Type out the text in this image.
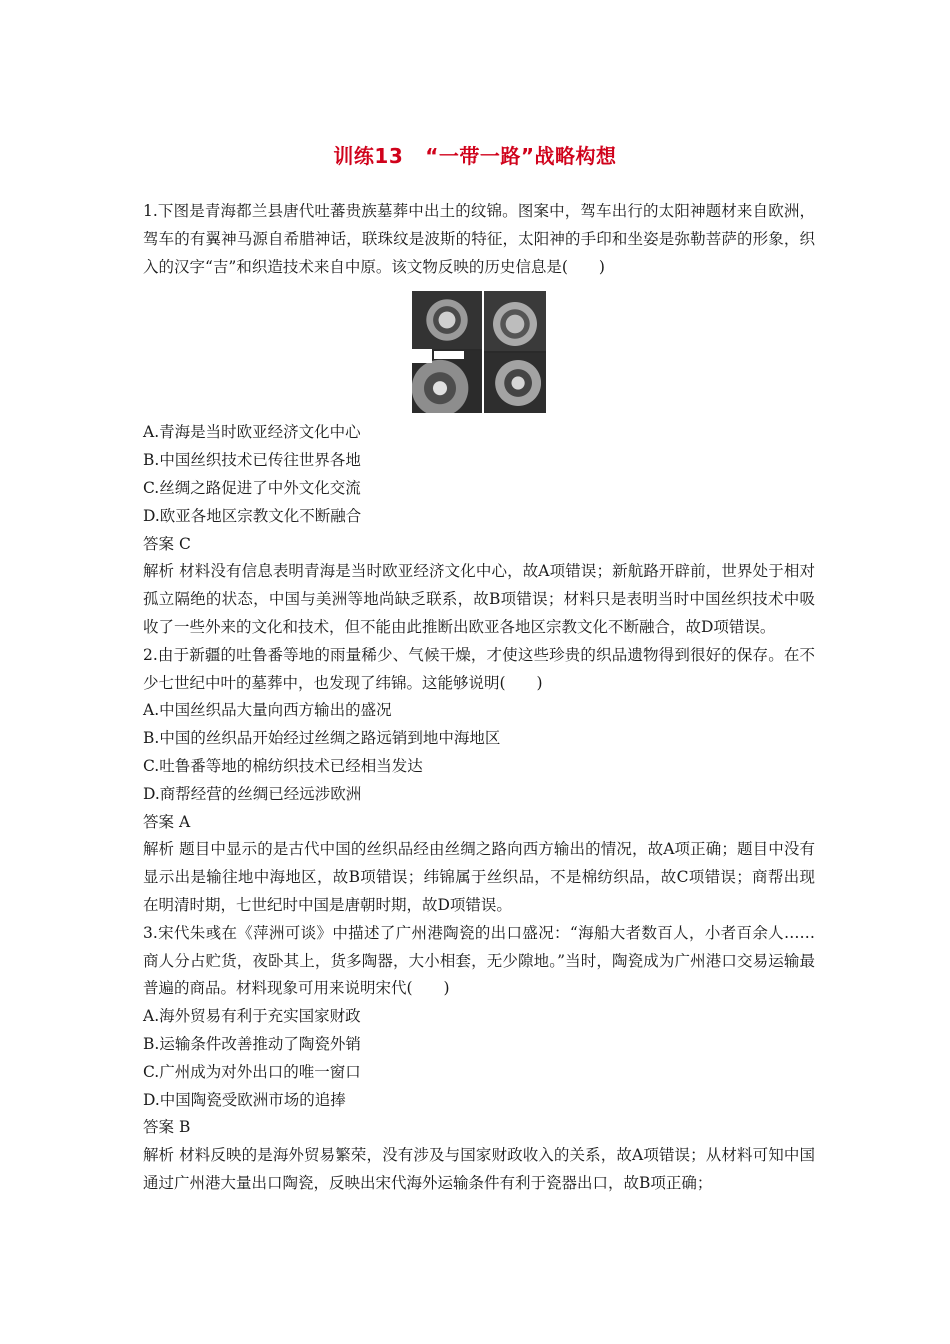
训练13 “一带一路”战略构想

1.下图是青海都兰县唐代吐蕃贵族墓葬中出土的纹锦。图案中，驾车出行的太阳神题材来自欧洲，驾车的有翼神马源自希腊神话，联珠纹是波斯的特征，太阳神的手印和坐姿是弥勒菩萨的形象，织入的汉字“吉”和织造技术来自中原。该文物反映的历史信息是(　　)

A.青海是当时欧亚经济文化中心

B.中国丝织技术已传往世界各地

C.丝绸之路促进了中外文化交流

D.欧亚各地区宗教文化不断融合

答案 C

解析 材料没有信息表明青海是当时欧亚经济文化中心，故A项错误；新航路开辟前，世界处于相对孤立隔绝的状态，中国与美洲等地尚缺乏联系，故B项错误；材料只是表明当时中国丝织技术中吸收了一些外来的文化和技术，但不能由此推断出欧亚各地区宗教文化不断融合，故D项错误。

2.由于新疆的吐鲁番等地的雨量稀少、气候干燥，才使这些珍贵的织品遗物得到很好的保存。在不少七世纪中叶的墓葬中，也发现了纬锦。这能够说明(　　)

A.中国丝织品大量向西方输出的盛况

B.中国的丝织品开始经过丝绸之路远销到地中海地区

C.吐鲁番等地的棉纺织技术已经相当发达

D.商帮经营的丝绸已经远涉欧洲

答案 A

解析 题目中显示的是古代中国的丝织品经由丝绸之路向西方输出的情况，故A项正确；题目中没有显示出是输往地中海地区，故B项错误；纬锦属于丝织品，不是棉纺织品，故C项错误；商帮出现在明清时期，七世纪时中国是唐朝时期，故D项错误。

3.宋代朱彧在《萍洲可谈》中描述了广州港陶瓷的出口盛况：“海船大者数百人，小者百余人……商人分占贮货，夜卧其上，货多陶器，大小相套，无少隙地。”当时，陶瓷成为广州港口交易运输最普遍的商品。材料现象可用来说明宋代(　　)

A.海外贸易有利于充实国家财政

B.运输条件改善推动了陶瓷外销

C.广州成为对外出口的唯一窗口

D.中国陶瓷受欧洲市场的追捧

答案 B

解析 材料反映的是海外贸易繁荣，没有涉及与国家财政收入的关系，故A项错误；从材料可知中国通过广州港大量出口陶瓷，反映出宋代海外运输条件有利于瓷器出口，故B项正确；
